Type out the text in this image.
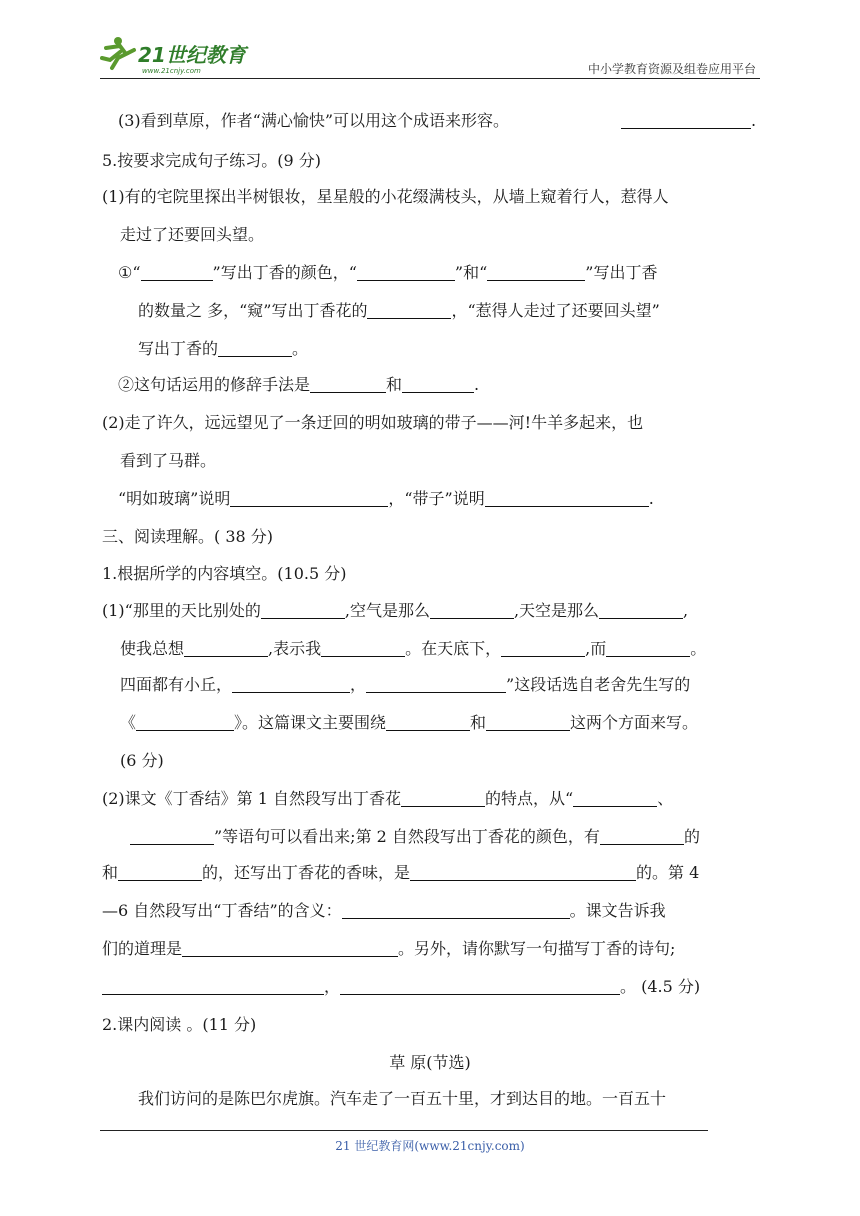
21世纪教育
www.21cnjy.com	中小学教育资源及组卷应用平台
(3)看到草原，作者“满心愉快”可以用这个成语来形容。	.
5.按要求完成句子练习。(9 分)
(1)有的宅院里探出半树银妆，星星般的小花缀满枝头，从墙上窥着行人，惹得人
走过了还要回头望。
①“	”写出丁香的颜色，“	”和“	”写出丁香
的数量之 多，“窥”写出丁香花的	，“惹得人走过了还要回头望”
写出丁香的	。
②这句话运用的修辞手法是	和	.
(2)走了许久，远远望见了一条迂回的明如玻璃的带子——河!牛羊多起来，也
看到了马群。
“明如玻璃”说明	，“带子”说明	.
三、阅读理解。( 38 分)
1.根据所学的内容填空。(10.5 分)
(1)“那里的天比别处的	,空气是那么	,天空是那么	,
使我总想	,表示我	。在天底下，	,而	。
四面都有小丘，	，	”这段话选自老舍先生写的
《	》。这篇课文主要围绕	和	这两个方面来写。
(6 分)
(2)课文《丁香结》第 1 自然段写出丁香花	的特点，从“	、
”等语句可以看出来;第 2 自然段写出丁香花的颜色，有	的
和	的，还写出丁香花的香味，是	的。第 4
—6 自然段写出“丁香结”的含义：	。课文告诉我
们的道理是	。另外，请你默写一句描写丁香的诗句;
，	。 (4.5 分)
2.课内阅读 。(11 分)
草 原(节选)
我们访问的是陈巴尔虎旗。汽车走了一百五十里，才到达目的地。一百五十
21 世纪教育网(www.21cnjy.com)
